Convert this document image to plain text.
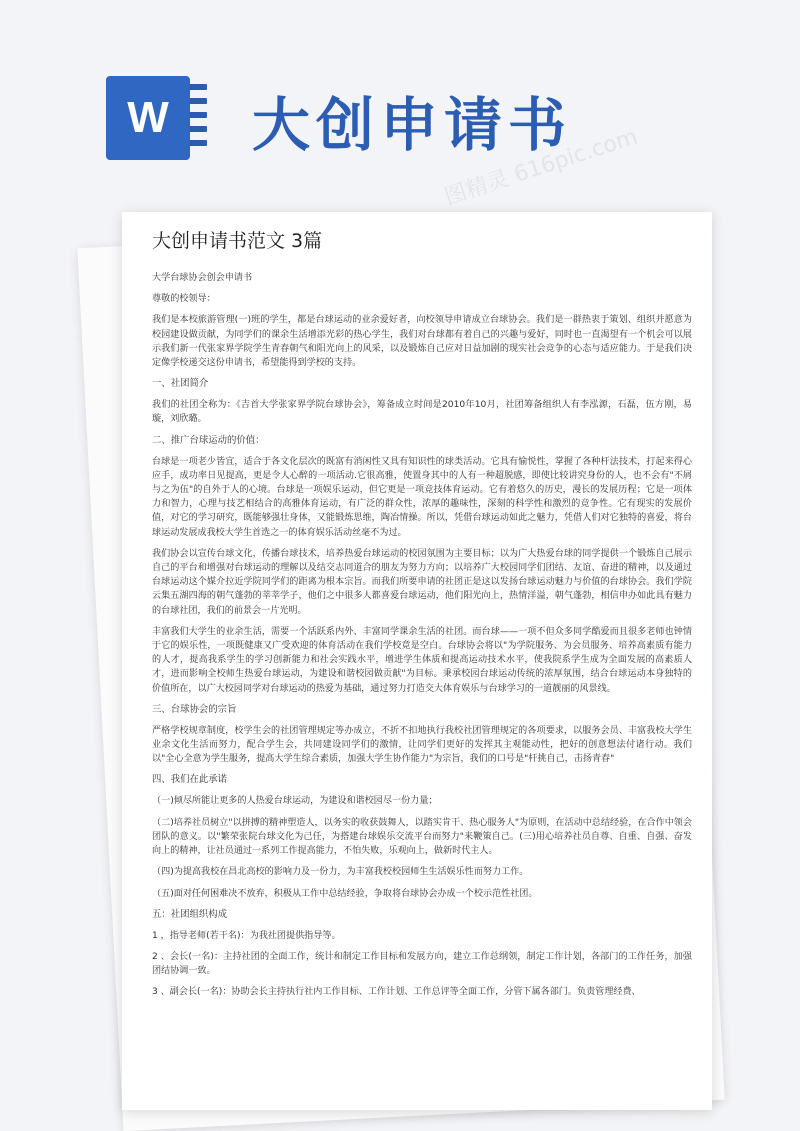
W 大创申请书
图精灵 616pic.com
大创申请书范文 3篇
大学台球协会创会申请书
尊敬的校领导：
我们是本校旅游管理(一)班的学生，都是台球运动的业余爱好者，向校领导申请成立台球协会。我们是一群热衷于策划、组织并愿意为校园建设做贡献，为同学们的课余生活增添光彩的热心学生，我们对台球都有着自己的兴趣与爱好，同时也一直渴望有一个机会可以展示我们新一代张家界学院学生青春朝气和阳光向上的风采，以及锻炼自己应对日益加剧的现实社会竞争的心态与适应能力。于是我们决定像学校递交这份申请书，希望能得到学校的支持。
一、社团简介
我们的社团全称为：《吉首大学张家界学院台球协会》，筹备成立时间是2010年10月，社团筹备组织人有李泓源，石磊，伍方刚，易璇，刘欣璐。
二、推广台球运动的价值：
台球是一项老少皆宜，适合于各文化层次的既富有消闲性又具有知识性的球类活动。它具有愉悦性，掌握了各种杆法技术，打起来得心应手，成功率日见提高，更是令人心醉的一项活动.它很高雅，使置身其中的人有一种超脱感，即使比较讲究身份的人，也不会有"不屑与之为伍"的自外于人的心境。台球是一项娱乐运动，但它更是一项竞技体育运动。它有着悠久的历史，漫长的发展历程；它是一项体力和智力，心理与技艺相结合的高雅体育运动，有广泛的群众性，浓厚的趣味性，深刻的科学性和激烈的竞争性。它有现实的发展价值，对它的学习研究，既能够强壮身体，又能锻炼思维，陶冶情操。所以，凭借台球运动如此之魅力，凭借人们对它独特的喜爱，将台球运动发展成我校大学生首选之一的体育娱乐活动丝毫不为过。
我们协会以宣传台球文化，传播台球技术，培养热爱台球运动的校园氛围为主要目标；以为广大热爱台球的同学提供一个锻炼自己展示自己的平台和增强对台球运动的理解以及结交志同道合的朋友为努力方向；以培养广大校园同学们团结、友谊、奋进的精神，以及通过台球运动这个媒介拉近学院同学们的距离为根本宗旨。而我们所要申请的社团正是这以发扬台球运动魅力与价值的台球协会。我们学院云集五湖四海的朝气蓬勃的莘莘学子，他们之中很多人都喜爱台球运动，他们阳光向上，热情洋溢，朝气蓬勃，相信申办如此具有魅力的台球社团，我们的前景会一片光明。
丰富我们大学生的业余生活，需要一个活跃系内外、丰富同学课余生活的社团。而台球——一项不但众多同学酷爱而且很多老师也钟情于它的娱乐性，一项既健康又广受欢迎的体育活动在我们学校竟是空白。台球协会将以"为学院服务、为会员服务、培养高素质有能力的人才，提高我系学生的学习创新能力和社会实践水平，增进学生体质和提高运动技术水平，使我院系学生成为全面发展的高素质人才，进而影响全校师生热爱台球运动，为建设和谐校园做贡献"为目标。秉承校园台球运动传统的浓厚氛围，结合台球运动本身独特的价值所在，以广大校园同学对台球运动的热爱为基础，通过努力打造交大体育娱乐与台球学习的一道靓丽的风景线。
三、台球协会的宗旨
严格学校规章制度，校学生会的社团管理规定等办成立，不折不扣地执行我校社团管理规定的各项要求，以服务会员、丰富我校大学生业余文化生活而努力，配合学生会，共同建设同学们的激情，让同学们更好的发挥其主观能动性，把好的创意想法付诸行动。我们以"全心全意为学生服务，提高大学生综合素质，加强大学生协作能力"为宗旨，我们的口号是"杆挑自己，击扬青春"
四、我们在此承诺
（一)倾尽所能让更多的人热爱台球运动，为建设和谐校园尽一份力量；
（二)培养社员树立"以拼搏的精神塑造人，以务实的收获鼓舞人，以踏实肯干、热心服务人"为原则，在活动中总结经验，在合作中领会团队的意义。以"繁荣张院台球文化为己任，为搭建台球娱乐交流平台而努力"来鞭策自己。(三)用心培养社员自尊、自重、自强、奋发向上的精神，让社员通过一系列工作提高能力，不怕失败，乐观向上，做新时代主人。
（四)为提高我校在昌北高校的影响力及一份力，为丰富我校校园师生生活娱乐性而努力工作。
（五)面对任何困难决不放弃，积极从工作中总结经验，争取将台球协会办成一个校示范性社团。
五：社团组织构成
1 ，指导老师(若干名)：为我社团提供指导等。
2 、会长(一名)：主持社团的全面工作，统计和制定工作目标和发展方向，建立工作总纲领，制定工作计划，各部门的工作任务，加强团结协调一致。
3 、副会长(一名)：协助会长主持执行社内工作目标、工作计划、工作总评等全面工作，分管下属各部门。负责管理经费、
